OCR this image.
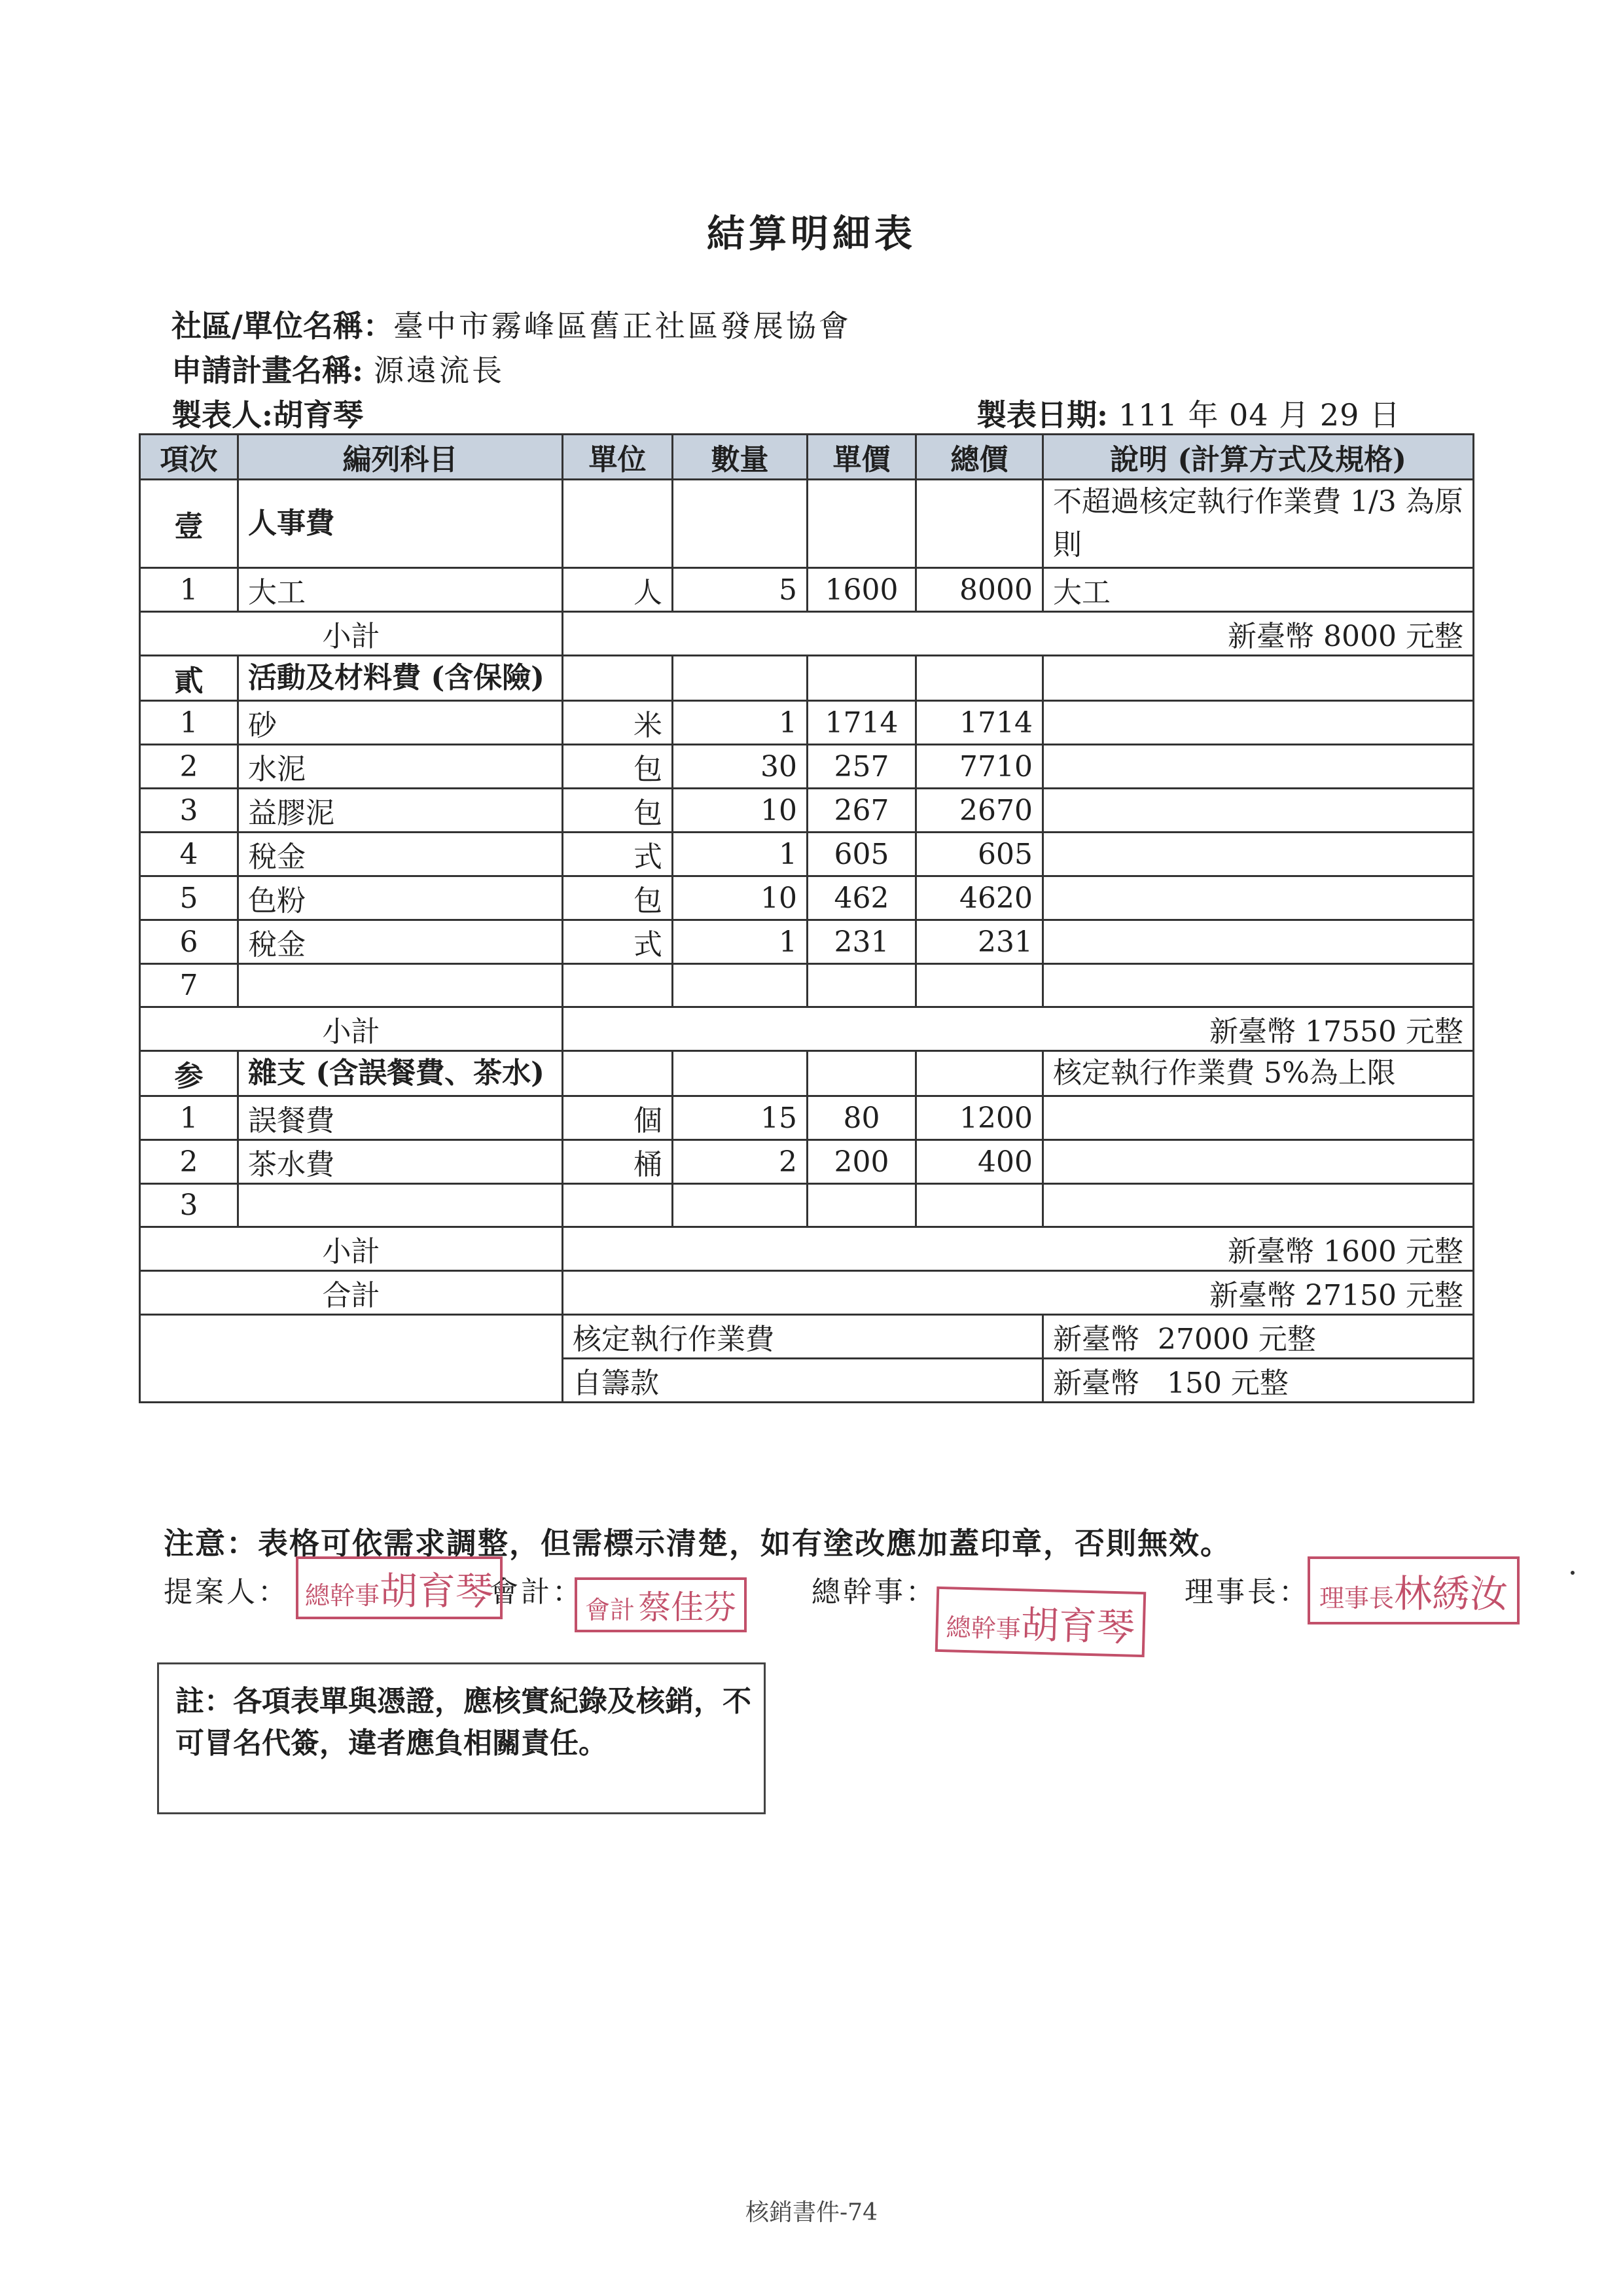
結算明細表
社區/單位名稱：臺中市霧峰區舊正社區發展協會
申請計畫名稱: 源遠流長
製表人:胡育琴	製表日期: 111 年 04 月 29 日
項次	編列科目	單位	數量	單價	總價	說明 (計算方式及規格)
壹	人事費					不超過核定執行作業費 1/3 為原則
1	大工	人	5	1600	8000	大工
小計		新臺幣 8000 元整				
貳	活動及材料費 (含保險)					
1	砂	米	1	1714	1714	
2	水泥	包	30	257	7710	
3	益膠泥	包	10	267	2670	
4	稅金	式	1	605	605	
5	色粉	包	10	462	4620	
6	稅金	式	1	231	231	
7						
小計		新臺幣 17550 元整				
参	雜支 (含誤餐費、茶水)					核定執行作業費 5%為上限
1	誤餐費	個	15	80	1200	
2	茶水費	桶	2	200	400	
3						
小計		新臺幣 1600 元整				
合計		新臺幣 27150 元整				
		核定執行作業費				新臺幣  27000 元整
		自籌款				新臺幣   150 元整
注意：表格可依需求調整，但需標示清楚，如有塗改應加蓋印章，否則無效。
提案人：	會計：	總幹事：	理事長：
總幹事胡育琴	會計 蔡佳芬
總幹事胡育琴
理事長林綉汝
註：各項表單與憑證，應核實紀錄及核銷，不可冒名代簽，違者應負相關責任。
核銷書件-74
